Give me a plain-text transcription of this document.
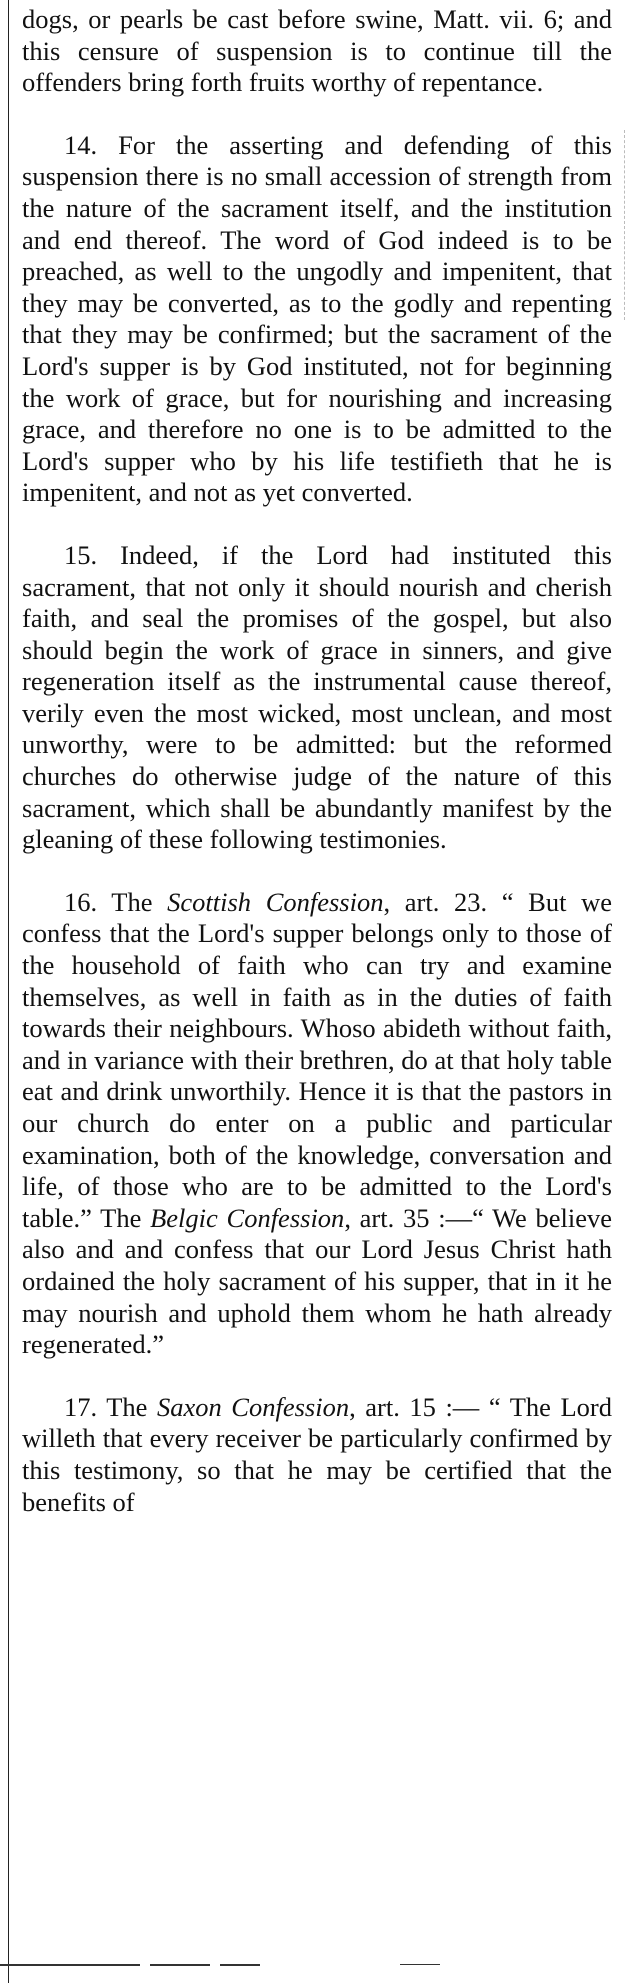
dogs, or pearls be cast before swine, Matt. vii. 6; and this censure of suspension is to continue till the offenders bring forth fruits worthy of repentance.

14. For the asserting and defending of this suspension there is no small accession of strength from the nature of the sacrament itself, and the institution and end thereof. The word of God indeed is to be preached, as well to the ungodly and impenitent, that they may be converted, as to the godly and repenting that they may be confirmed; but the sacrament of the Lord's supper is by God instituted, not for beginning the work of grace, but for nourishing and increasing grace, and therefore no one is to be admitted to the Lord's supper who by his life testifieth that he is impenitent, and not as yet converted.

15. Indeed, if the Lord had instituted this sacrament, that not only it should nourish and cherish faith, and seal the promises of the gospel, but also should begin the work of grace in sinners, and give regeneration itself as the instrumental cause thereof, verily even the most wicked, most unclean, and most unworthy, were to be admitted: but the reformed churches do otherwise judge of the nature of this sacrament, which shall be abundantly manifest by the gleaning of these following testimonies.

16. The Scottish Confession, art. 23. “ But we confess that the Lord's supper belongs only to those of the household of faith who can try and examine themselves, as well in faith as in the duties of faith towards their neighbours. Whoso abideth without faith, and in variance with their brethren, do at that holy table eat and drink unworthily. Hence it is that the pastors in our church do enter on a public and particular examination, both of the knowledge, conversation and life, of those who are to be admitted to the Lord's table.” The Belgic Confession, art. 35 :—“ We believe also and and confess that our Lord Jesus Christ hath ordained the holy sacrament of his supper, that in it he may nourish and uphold them whom he hath already regenerated.”

17. The Saxon Confession, art. 15 :— “ The Lord willeth that every receiver be particularly confirmed by this testimony, so that he may be certified that the benefits of
